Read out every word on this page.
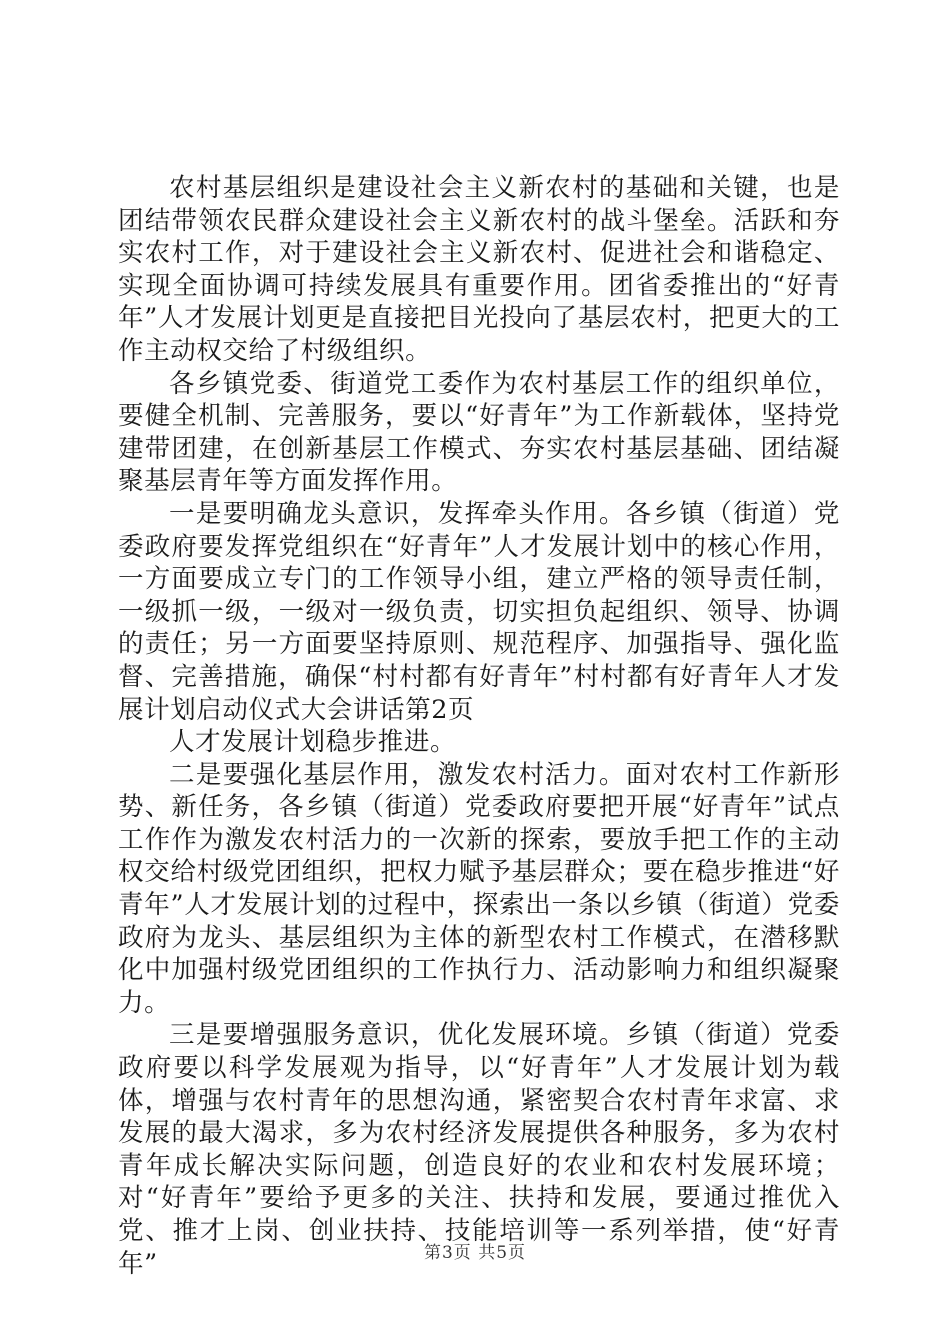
农村基层组织是建设社会主义新农村的基础和关键，也是团结带领农民群众建设社会主义新农村的战斗堡垒。活跃和夯实农村工作，对于建设社会主义新农村、促进社会和谐稳定、实现全面协调可持续发展具有重要作用。团省委推出的“好青年”人才发展计划更是直接把目光投向了基层农村，把更大的工作主动权交给了村级组织。

各乡镇党委、街道党工委作为农村基层工作的组织单位，要健全机制、完善服务，要以“好青年”为工作新载体，坚持党建带团建，在创新基层工作模式、夯实农村基层基础、团结凝聚基层青年等方面发挥作用。

一是要明确龙头意识，发挥牵头作用。各乡镇（街道）党委政府要发挥党组织在“好青年”人才发展计划中的核心作用，一方面要成立专门的工作领导小组，建立严格的领导责任制，一级抓一级，一级对一级负责，切实担负起组织、领导、协调的责任；另一方面要坚持原则、规范程序、加强指导、强化监督、完善措施，确保“村村都有好青年”村村都有好青年人才发展计划启动仪式大会讲话第2页

人才发展计划稳步推进。

二是要强化基层作用，激发农村活力。面对农村工作新形势、新任务，各乡镇（街道）党委政府要把开展“好青年”试点工作作为激发农村活力的一次新的探索，要放手把工作的主动权交给村级党团组织，把权力赋予基层群众；要在稳步推进“好青年”人才发展计划的过程中，探索出一条以乡镇（街道）党委政府为龙头、基层组织为主体的新型农村工作模式，在潜移默化中加强村级党团组织的工作执行力、活动影响力和组织凝聚力。

三是要增强服务意识，优化发展环境。乡镇（街道）党委政府要以科学发展观为指导，以“好青年”人才发展计划为载体，增强与农村青年的思想沟通，紧密契合农村青年求富、求发展的最大渴求，多为农村经济发展提供各种服务，多为农村青年成长解决实际问题，创造良好的农业和农村发展环境；对“好青年”要给予更多的关注、扶持和发展，要通过推优入党、推才上岗、创业扶持、技能培训等一系列举措，使“好青年”	第3页 共5页
